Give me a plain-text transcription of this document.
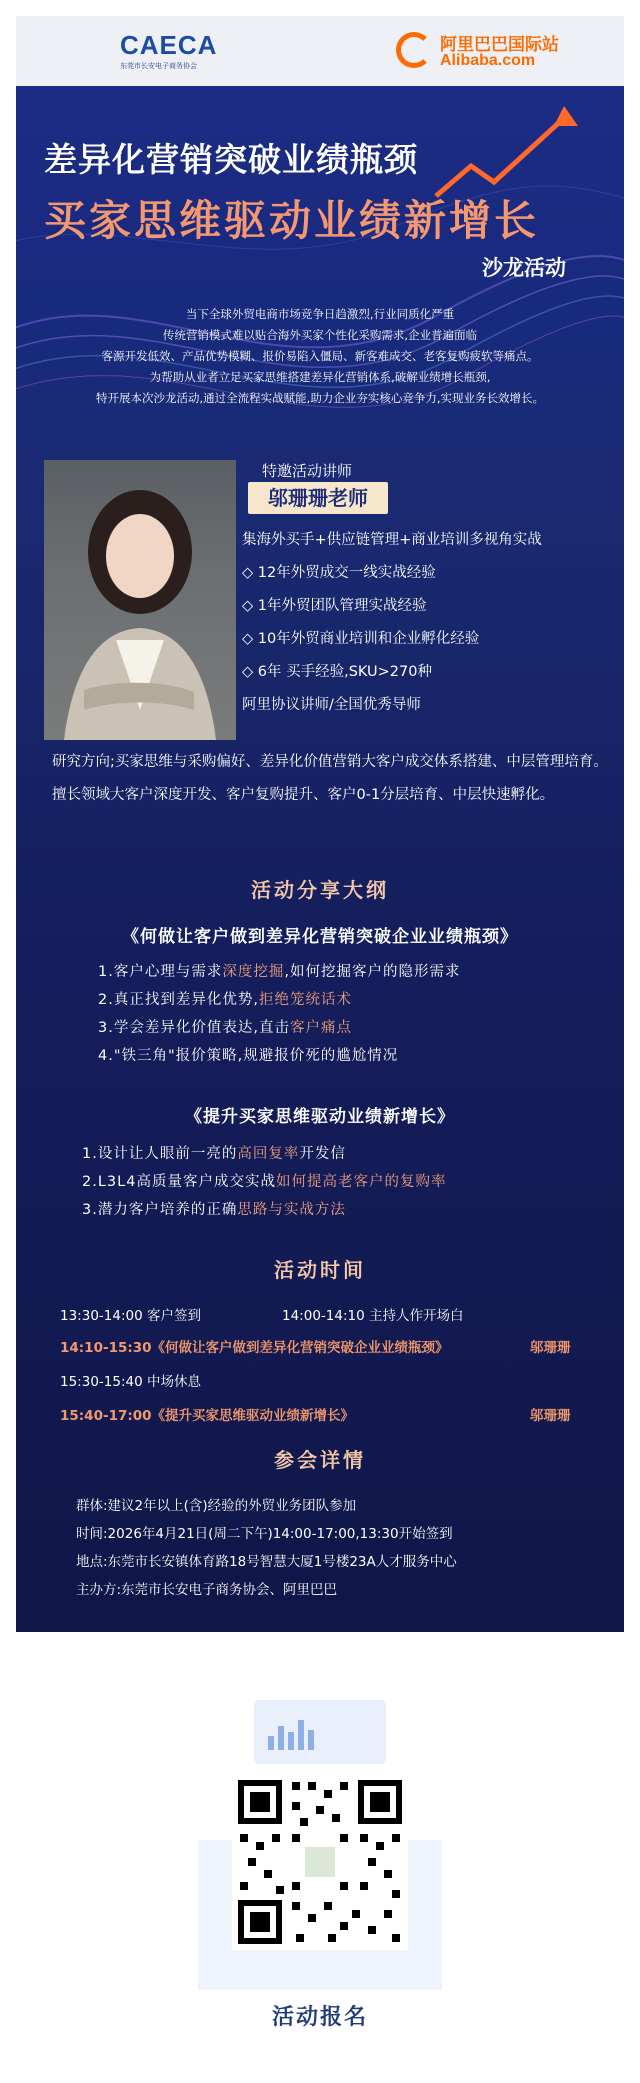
CAECA
东莞市长安电子商务协会
阿里巴巴国际站
Alibaba.com
差异化营销突破业绩瓶颈
买家思维驱动业绩新增长
沙龙活动
当下全球外贸电商市场竞争日趋激烈,行业同质化严重
传统营销模式难以贴合海外买家个性化采购需求,企业普遍面临
客源开发低效、产品优势模糊、报价易陷入僵局、新客难成交、老客复购疲软等痛点。
为帮助从业者立足买家思维搭建差异化营销体系,破解业绩增长瓶颈,
特开展本次沙龙活动,通过全流程实战赋能,助力企业夯实核心竞争力,实现业务长效增长。
特邀活动讲师
邬珊珊老师
集海外买手+供应链管理+商业培训多视角实战
◇ 12年外贸成交一线实战经验
◇ 1年外贸团队管理实战经验
◇ 10年外贸商业培训和企业孵化经验
◇ 6年 买手经验,SKU>270种
阿里协议讲师/全国优秀导师
研究方向;买家思维与采购偏好、差异化价值营销大客户成交体系搭建、中层管理培育。擅长领域大客户深度开发、客户复购提升、客户0-1分层培育、中层快速孵化。
活动分享大纲
《何做让客户做到差异化营销突破企业业绩瓶颈》
1.客户心理与需求深度挖掘,如何挖掘客户的隐形需求
2.真正找到差异化优势,拒绝笼统话术
3.学会差异化价值表达,直击客户痛点
4."铁三角"报价策略,规避报价死的尴尬情况
《提升买家思维驱动业绩新增长》
1.设计让人眼前一亮的高回复率开发信
2.L3L4高质量客户成交实战如何提高老客户的复购率
3.潜力客户培养的正确思路与实战方法
活动时间
13:30-14:00 客户签到	14:00-14:10 主持人作开场白
14:10-15:30《何做让客户做到差异化营销突破企业业绩瓶颈》	邬珊珊
15:30-15:40 中场休息
15:40-17:00《提升买家思维驱动业绩新增长》	邬珊珊
参会详情
群体:建议2年以上(含)经验的外贸业务团队参加
时间:2026年4月21日(周二下午)14:00-17:00,13:30开始签到
地点:东莞市长安镇体育路18号智慧大厦1号楼23A人才服务中心
主办方:东莞市长安电子商务协会、阿里巴巴
活动报名
